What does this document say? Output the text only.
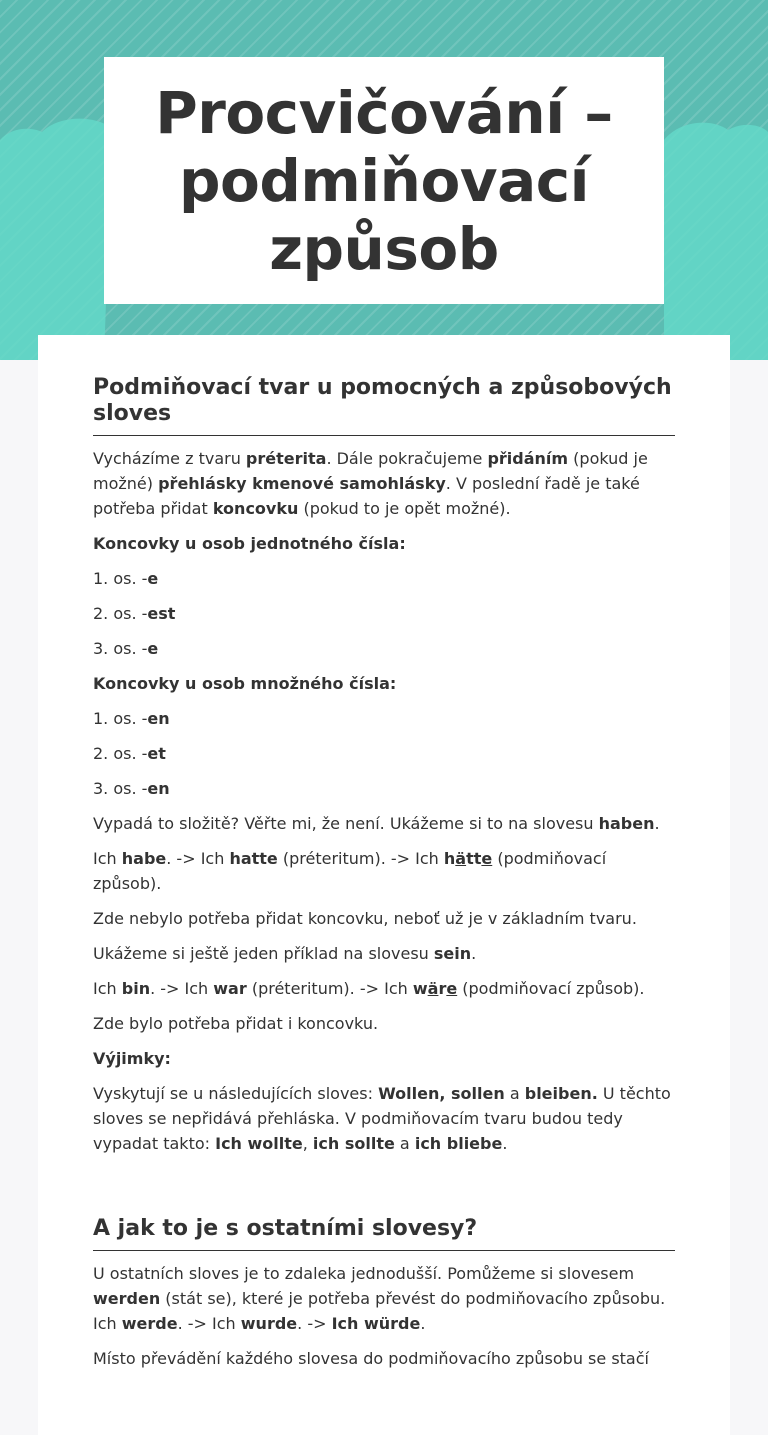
Procvičování – podmiňovací způsob
Podmiňovací tvar u pomocných a způsobových sloves

Vycházíme z tvaru préterita. Dále pokračujeme přidáním (pokud je možné) přehlásky kmenové samohlásky. V poslední řadě je také potřeba přidat koncovku (pokud to je opět možné).

Koncovky u osob jednotného čísla:

1. os. -e

2. os. -est

3. os. -e

Koncovky u osob množného čísla:

1. os. -en

2. os. -et

3. os. -en

Vypadá to složitě? Věřte mi, že není. Ukážeme si to na slovesu haben.

Ich habe. -> Ich hatte (préteritum). -> Ich hätte (podmiňovací způsob).

Zde nebylo potřeba přidat koncovku, neboť už je v základním tvaru.

Ukážeme si ještě jeden příklad na slovesu sein.

Ich bin. -> Ich war (préteritum). -> Ich wäre (podmiňovací způsob).

Zde bylo potřeba přidat i koncovku.

Výjimky:

Vyskytují se u následujících sloves: Wollen, sollen a bleiben. U těchto sloves se nepřidává přehláska. V podmiňovacím tvaru budou tedy vypadat takto: Ich wollte, ich sollte a ich bliebe.

A jak to je s ostatními slovesy?

U ostatních sloves je to zdaleka jednodušší. Pomůžeme si slovesem werden (stát se), které je potřeba převést do podmiňovacího způsobu. Ich werde. -> Ich wurde. -> Ich würde.

Místo převádění každého slovesa do podmiňovacího způsobu se stačí
